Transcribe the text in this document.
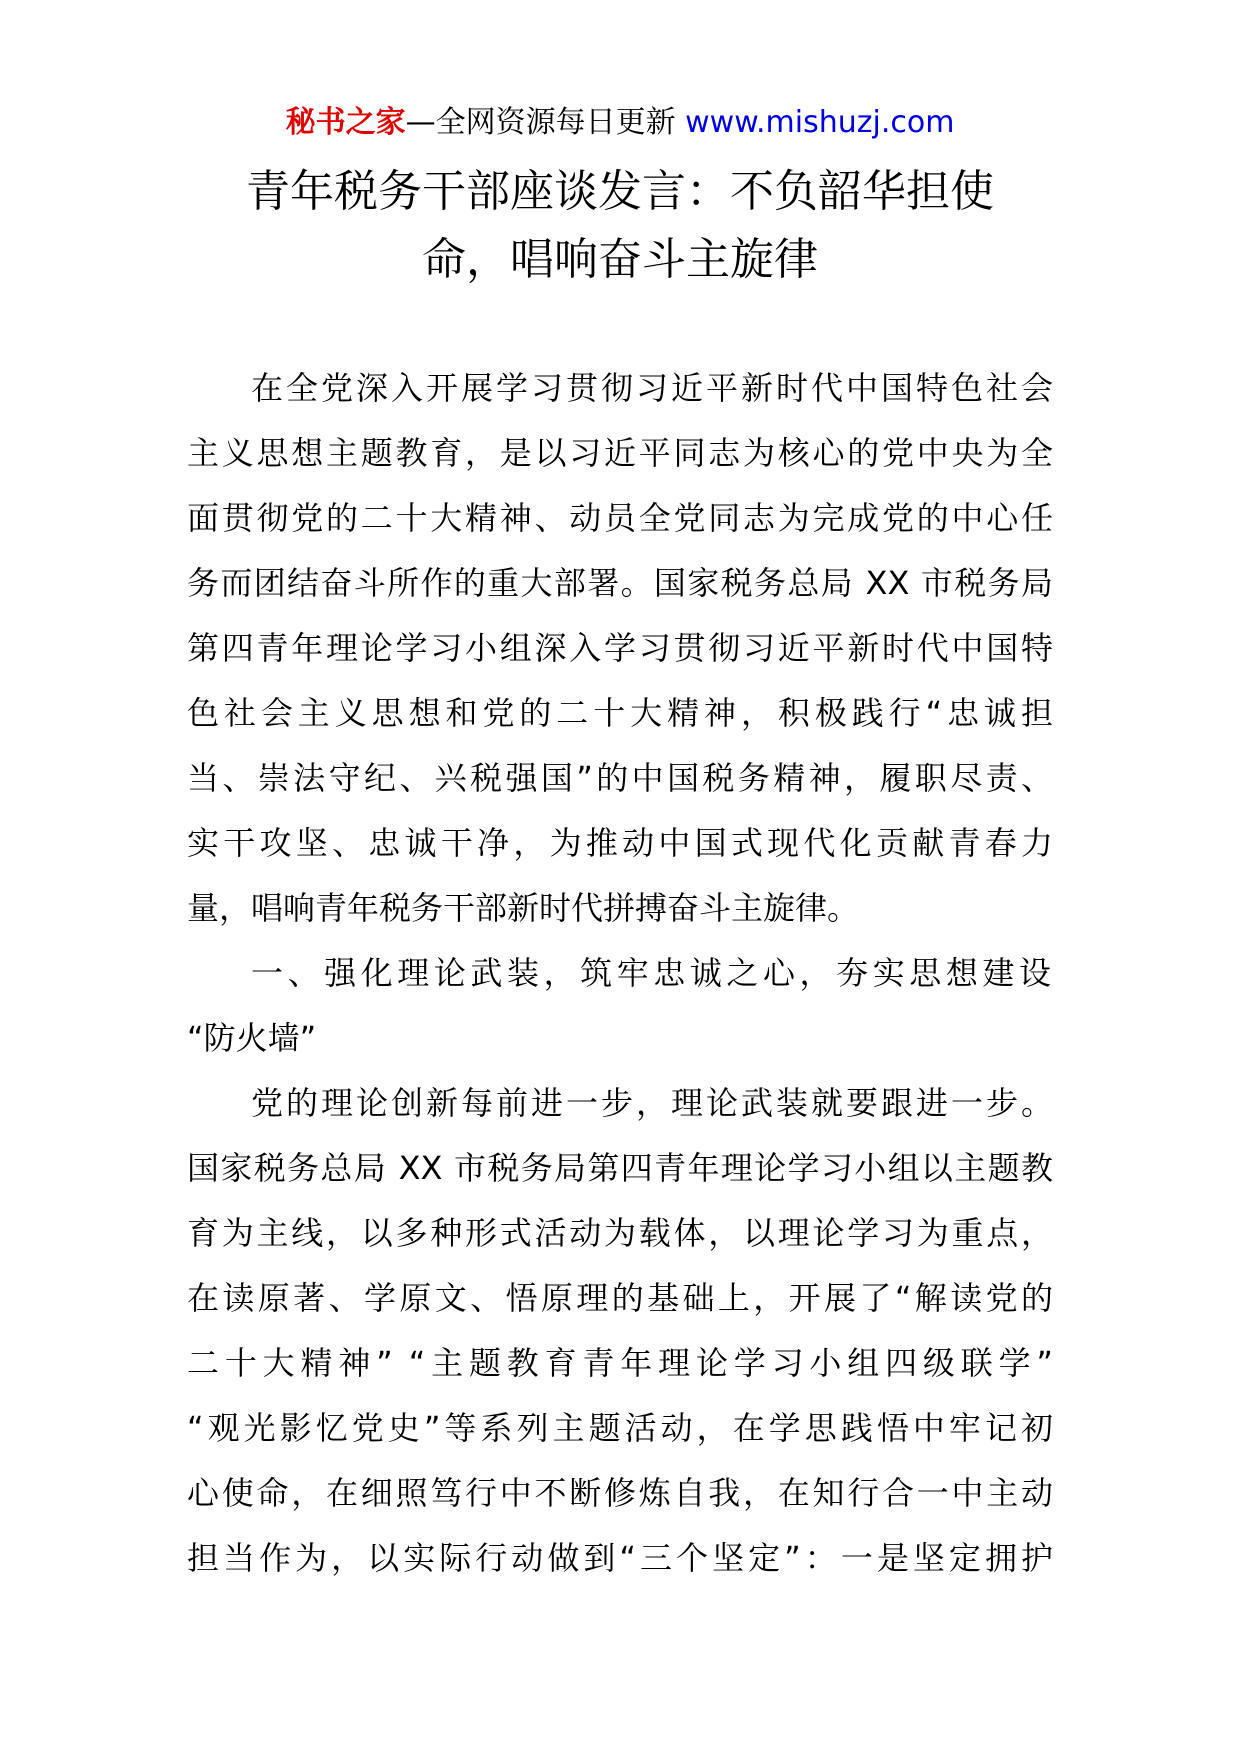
秘书之家—全网资源每日更新 www.mishuzj.com
青年税务干部座谈发言：不负韶华担使
命，唱响奋斗主旋律
在全党深入开展学习贯彻习近平新时代中国特色社会
主义思想主题教育，是以习近平同志为核心的党中央为全
面贯彻党的二十大精神、动员全党同志为完成党的中心任
务而团结奋斗所作的重大部署。国家税务总局 XX 市税务局
第四青年理论学习小组深入学习贯彻习近平新时代中国特
色社会主义思想和党的二十大精神，积极践行“忠诚担
当、崇法守纪、兴税强国”的中国税务精神，履职尽责、
实干攻坚、忠诚干净，为推动中国式现代化贡献青春力
量，唱响青年税务干部新时代拼搏奋斗主旋律。
一、强化理论武装，筑牢忠诚之心，夯实思想建设
“防火墙”
党的理论创新每前进一步，理论武装就要跟进一步。
国家税务总局 XX 市税务局第四青年理论学习小组以主题教
育为主线，以多种形式活动为载体，以理论学习为重点，
在读原著、学原文、悟原理的基础上，开展了“解读党的
二十大精神” “主题教育青年理论学习小组四级联学”
“观光影忆党史”等系列主题活动，在学思践悟中牢记初
心使命，在细照笃行中不断修炼自我，在知行合一中主动
担当作为，以实际行动做到“三个坚定”：一是坚定拥护
